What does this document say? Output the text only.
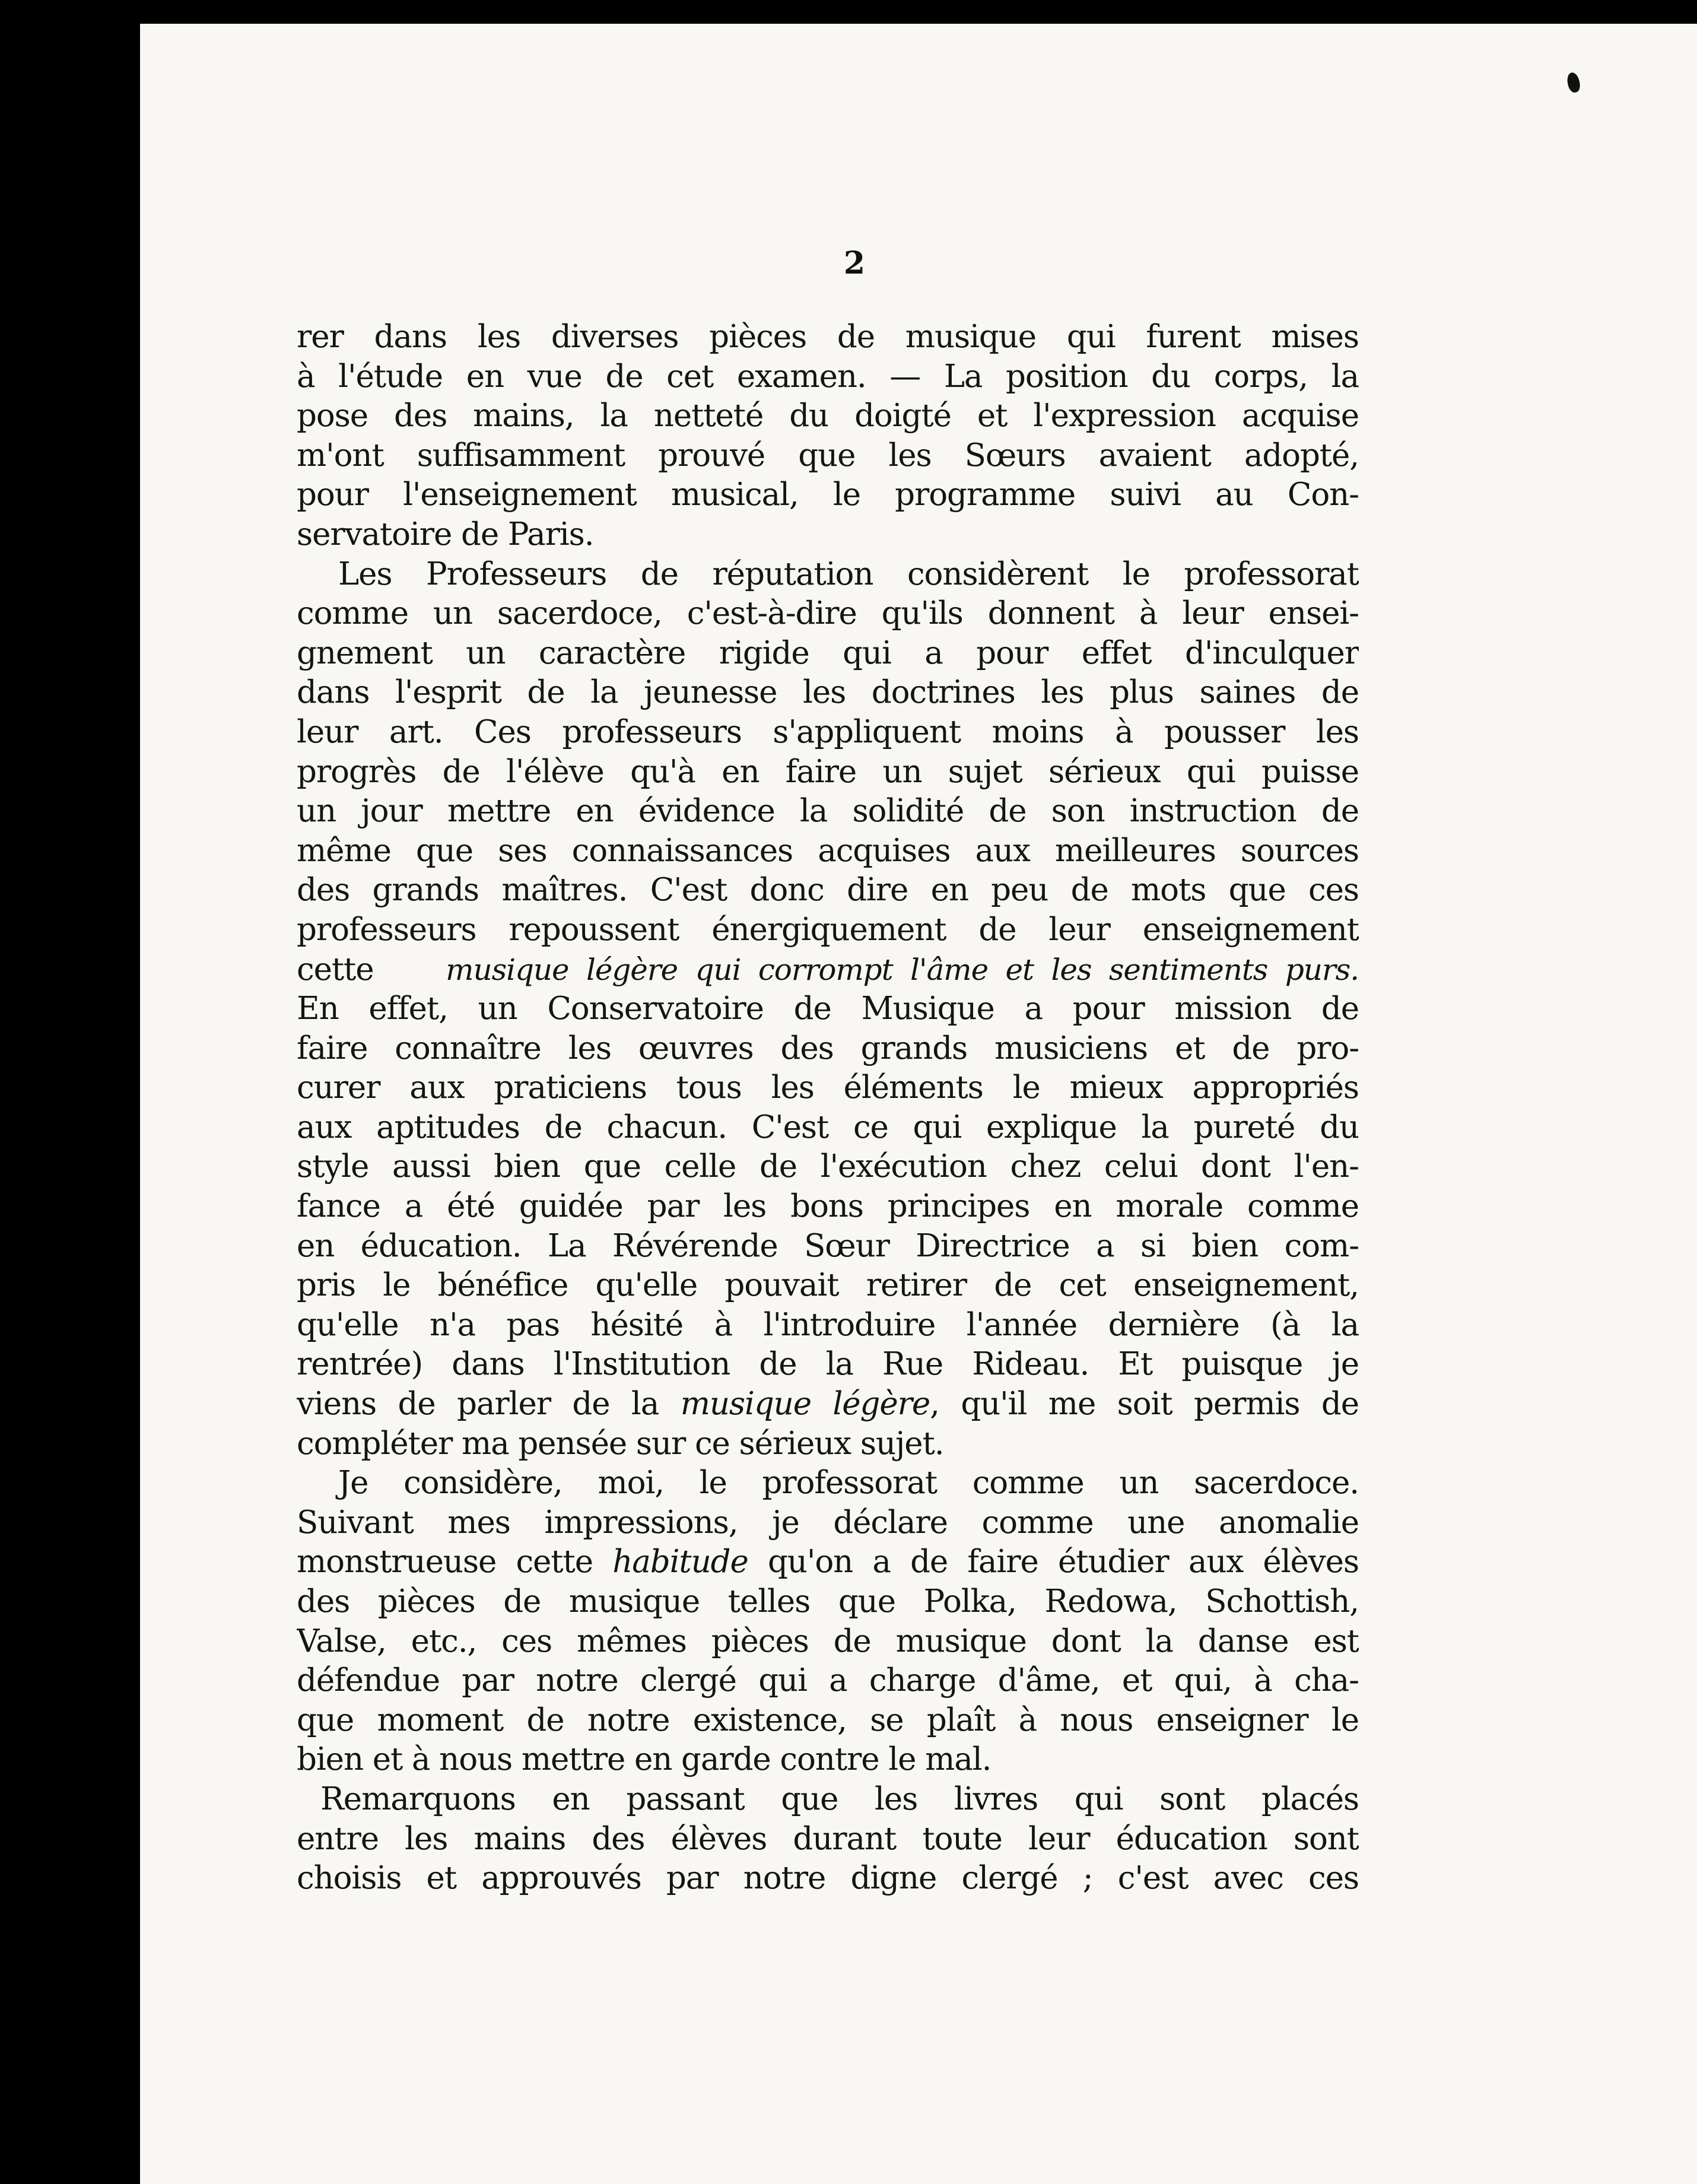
2
rer dans les diverses pièces de musique qui furent mises
à l'étude en vue de cet examen. — La position du corps, la
pose des mains, la netteté du doigté et l'expression acquise
m'ont suffisamment prouvé que les Sœurs avaient adopté,
pour l'enseignement musical, le programme suivi au Con-
servatoire de Paris.
Les Professeurs de réputation considèrent le professorat
comme un sacerdoce, c'est-à-dire qu'ils donnent à leur ensei-
gnement un caractère rigide qui a pour effet d'inculquer
dans l'esprit de la jeunesse les doctrines les plus saines de
leur art. Ces professeurs s'appliquent moins à pousser les
progrès de l'élève qu'à en faire un sujet sérieux qui puisse
un jour mettre en évidence la solidité de son instruction de
même que ses connaissances acquises aux meilleures sources
des grands maîtres. C'est donc dire en peu de mots que ces
professeurs repoussent énergiquement de leur enseignement
cette musique légère qui corrompt l'âme et les sentiments purs.
En effet, un Conservatoire de Musique a pour mission de
faire connaître les œuvres des grands musiciens et de pro-
curer aux praticiens tous les éléments le mieux appropriés
aux aptitudes de chacun. C'est ce qui explique la pureté du
style aussi bien que celle de l'exécution chez celui dont l'en-
fance a été guidée par les bons principes en morale comme
en éducation. La Révérende Sœur Directrice a si bien com-
pris le bénéfice qu'elle pouvait retirer de cet enseignement,
qu'elle n'a pas hésité à l'introduire l'année dernière (à la
rentrée) dans l'Institution de la Rue Rideau. Et puisque je
viens de parler de la musique légère, qu'il me soit permis de
compléter ma pensée sur ce sérieux sujet.
Je considère, moi, le professorat comme un sacerdoce.
Suivant mes impressions, je déclare comme une anomalie
monstrueuse cette habitude qu'on a de faire étudier aux élèves
des pièces de musique telles que Polka, Redowa, Schottish,
Valse, etc., ces mêmes pièces de musique dont la danse est
défendue par notre clergé qui a charge d'âme, et qui, à cha-
que moment de notre existence, se plaît à nous enseigner le
bien et à nous mettre en garde contre le mal.
Remarquons en passant que les livres qui sont placés
entre les mains des élèves durant toute leur éducation sont
choisis et approuvés par notre digne clergé ; c'est avec ces
